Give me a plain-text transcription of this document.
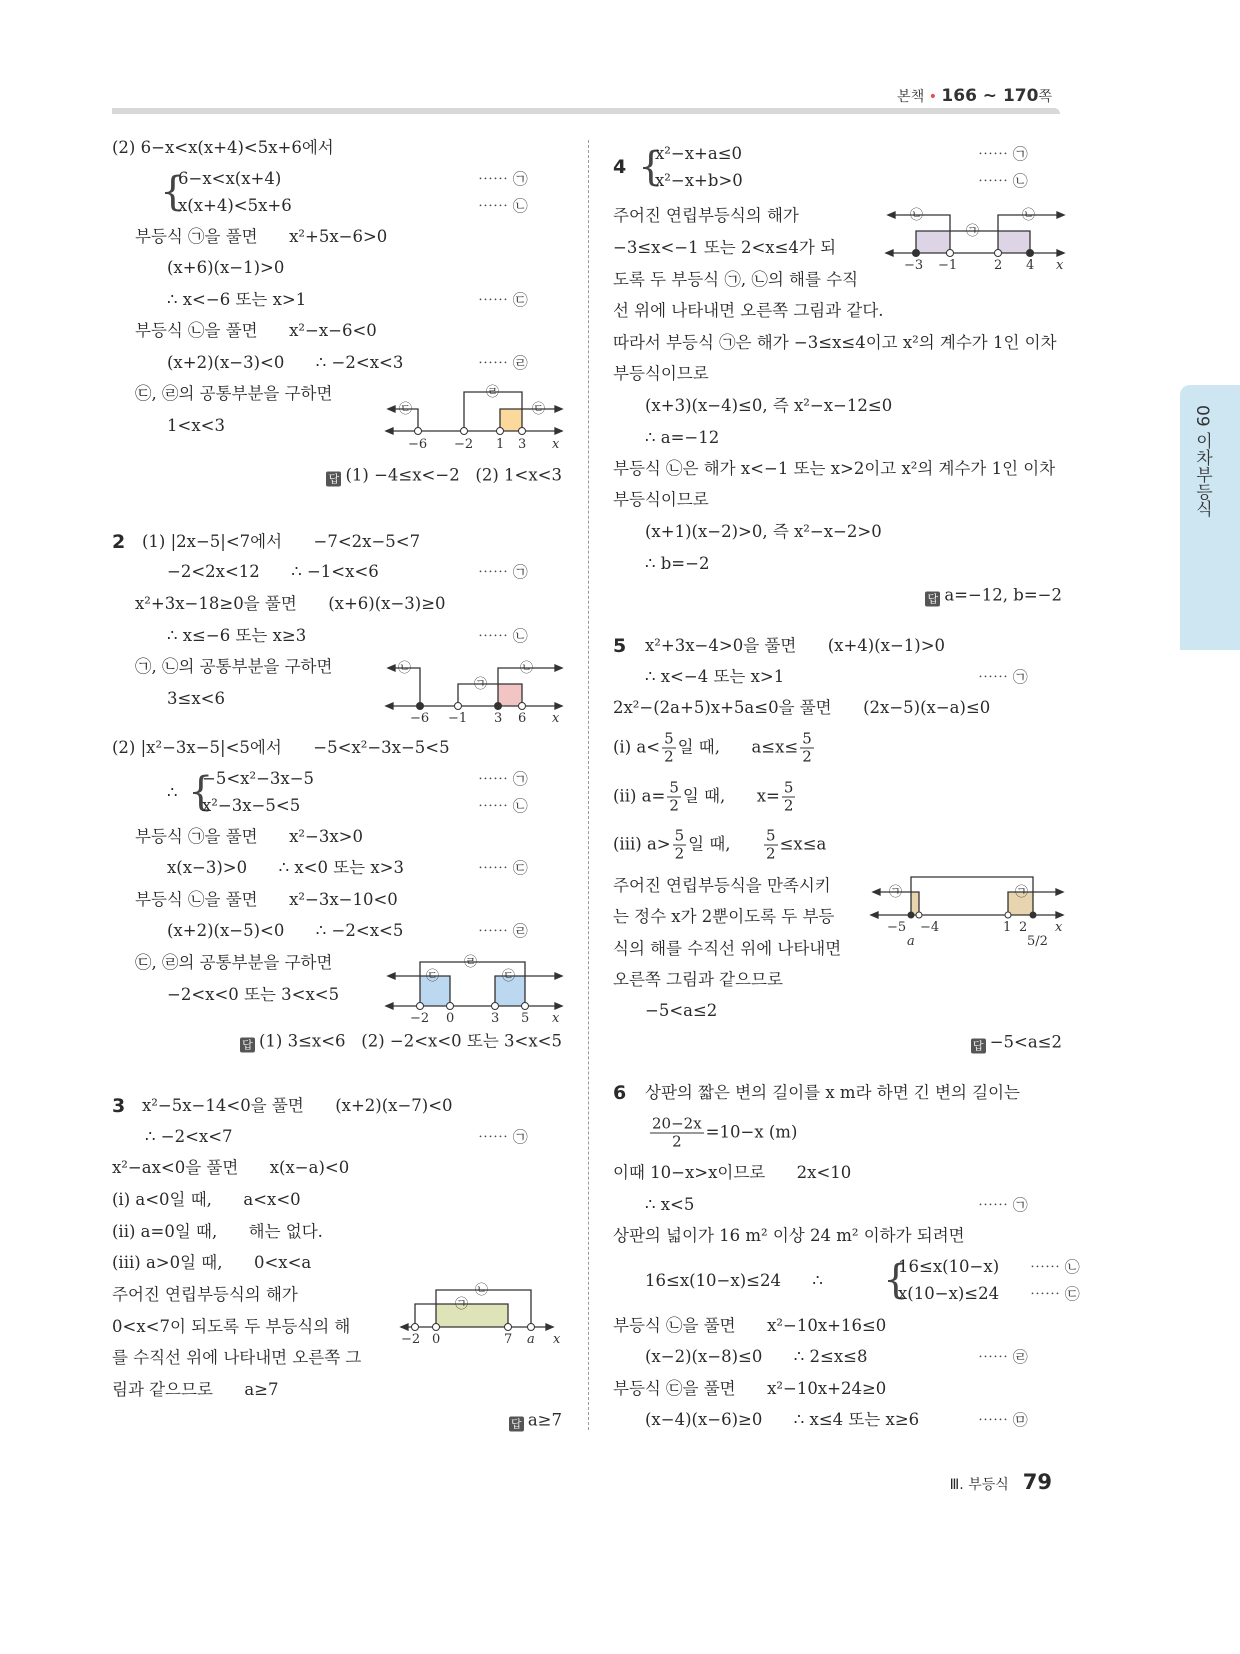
본책 • 166 ~ 170쪽
09 이차부등식
(2) 6−x<x(x+4)<5x+6에서
{
6−x<x(x+4)	⋯⋯ ㉠
x(x+4)<5x+6	⋯⋯ ㉡
부등식 ㉠을 풀면      x²+5x−6>0
(x+6)(x−1)>0
∴ x<−6 또는 x>1	⋯⋯ ㉢
부등식 ㉡을 풀면      x²−x−6<0
(x+2)(x−3)<0      ∴ −2<x<3	⋯⋯ ㉣
㉢, ㉣의 공통부분을 구하면
1<x<3
㉢
㉣
㉢
−6 −2 1 3 x
답 (1) −4≤x<−2   (2) 1<x<3
2 (1) |2x−5|<7에서      −7<2x−5<7
−2<2x<12      ∴ −1<x<6	⋯⋯ ㉠
x²+3x−18≥0을 풀면      (x+6)(x−3)≥0
∴ x≤−6 또는 x≥3	⋯⋯ ㉡
㉠, ㉡의 공통부분을 구하면
3≤x<6
㉡
㉠
㉡
−6 −1 3 6 x
(2) |x²−3x−5|<5에서      −5<x²−3x−5<5
∴ {
−5<x²−3x−5	⋯⋯ ㉠
x²−3x−5<5	⋯⋯ ㉡
부등식 ㉠을 풀면      x²−3x>0
x(x−3)>0      ∴ x<0 또는 x>3	⋯⋯ ㉢
부등식 ㉡을 풀면      x²−3x−10<0
(x+2)(x−5)<0      ∴ −2<x<5	⋯⋯ ㉣
㉢, ㉣의 공통부분을 구하면
−2<x<0 또는 3<x<5
㉢
㉣
㉢
−2 0	3 5 x
답 (1) 3≤x<6   (2) −2<x<0 또는 3<x<5
3 x²−5x−14<0을 풀면      (x+2)(x−7)<0
∴ −2<x<7	⋯⋯ ㉠
x²−ax<0을 풀면      x(x−a)<0
(i) a<0일 때,      a<x<0
(ii) a=0일 때,      해는 없다.
(iii) a>0일 때,      0<x<a
주어진 연립부등식의 해가
0<x<7이 되도록 두 부등식의 해
를 수직선 위에 나타내면 오른쪽 그
림과 같으므로      a≥7
㉠
㉡
−2 0	7 a x
답 a≥7
4 {
x²−x+a≤0	⋯⋯ ㉠
x²−x+b>0	⋯⋯ ㉡
주어진 연립부등식의 해가
−3≤x<−1 또는 2<x≤4가 되
도록 두 부등식 ㉠, ㉡의 해를 수직
선 위에 나타내면 오른쪽 그림과 같다.
㉡
㉠
㉡
−3 −1	2 4 x
따라서 부등식 ㉠은 해가 −3≤x≤4이고 x²의 계수가 1인 이차
부등식이므로
(x+3)(x−4)≤0, 즉 x²−x−12≤0
∴ a=−12
부등식 ㉡은 해가 x<−1 또는 x>2이고 x²의 계수가 1인 이차
부등식이므로
(x+1)(x−2)>0, 즉 x²−x−2>0
∴ b=−2
답 a=−12, b=−2
5 x²+3x−4>0을 풀면      (x+4)(x−1)>0
∴ x<−4 또는 x>1	⋯⋯ ㉠
2x²−(2a+5)x+5a≤0을 풀면      (2x−5)(x−a)≤0
(i) $a< \frac{5}{2}$ 일 때,      $a\le x\le \frac{5}{2}$
(ii) $a= \frac{5}{2}$ 일 때,      $x= \frac{5}{2}$
(iii) $a> \frac{5}{2}$ 일 때, $\frac{5}{2} \le x\le a$
주어진 연립부등식을 만족시키
는 정수 x가 2뿐이도록 두 부등
식의 해를 수직선 위에 나타내면
오른쪽 그림과 같으므로
−5<a≤2
㉠	㉠
−5 −4
a
1 2
5/2
x
답 −5<a≤2
6 상판의 짧은 변의 길이를 x m라 하면 긴 변의 길이는
$\frac{20-2x}{2} =10-x$ (m)
이때 10−x>x이므로      2x<10
∴ x<5	⋯⋯ ㉠
상판의 넓이가 16 m² 이상 24 m² 이하가 되려면
16≤x(10−x)≤24      ∴ {
16≤x(10−x) ⋯⋯ ㉡
x(10−x)≤24 ⋯⋯ ㉢
부등식 ㉡을 풀면      x²−10x+16≤0
(x−2)(x−8)≤0      ∴ 2≤x≤8	⋯⋯ ㉣
부등식 ㉢을 풀면      x²−10x+24≥0
(x−4)(x−6)≥0      ∴ x≤4 또는 x≥6	⋯⋯ ㉤
Ⅲ. 부등식 79
